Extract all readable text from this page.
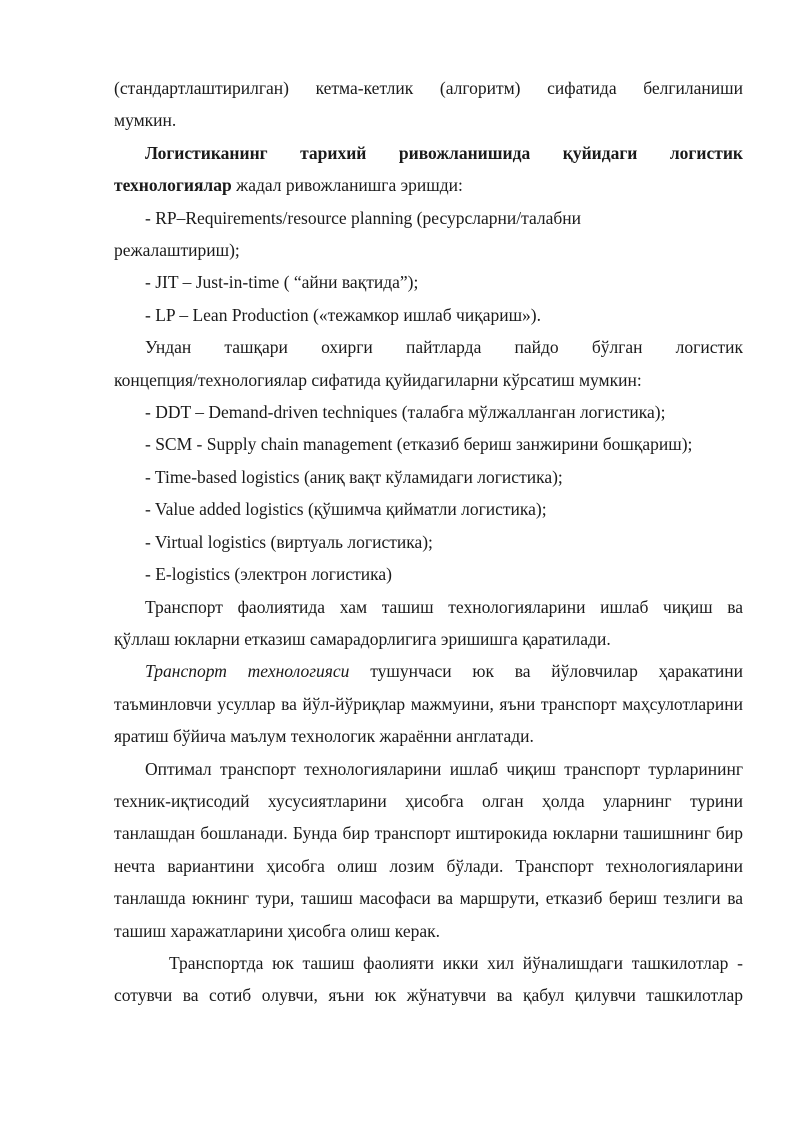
(стандартлаштирилган) кетма-кетлик (алгоритм) сифатида белгиланиши

мумкин.

Логистиканинг тарихий ривожланишида қуйидаги логистик

технологиялар жадал ривожланишга эришди:

- RP–Requirements/resource planning (ресурсларни/талабни

режалаштириш);

- JIT – Just-in-time ( “айни вақтида”);

- LP – Lean Production («тежамкор ишлаб чиқариш»).

Ундан ташқари охирги пайтларда пайдо бўлган логистик

концепция/технологиялар сифатида қуйидагиларни кўрсатиш мумкин:

- DDT – Demand-driven techniques (талабга мўлжалланган логистика);

- SCM - Supply chain management (етказиб бериш занжирини бошқариш);

- Time-based logistics (аниқ вақт кўламидаги логистика);

- Value added logistics (қўшимча қийматли логистика);

- Virtual logistics (виртуаль логистика);

- E-logistics (электрон логистика)

Транспорт фаолиятида хам ташиш технологияларини ишлаб чиқиш ва

қўллаш юкларни етказиш самарадорлигига эришишга қаратилади.

Транспорт технологияси тушунчаси юк ва йўловчилар ҳаракатини таъминловчи усуллар ва йўл-йўриқлар мажмуини, яъни транспорт маҳсулотларини яратиш бўйича маълум технологик жараённи англатади.

Оптимал транспорт технологияларини ишлаб чиқиш транспорт турларининг техник-иқтисодий хусусиятларини ҳисобга олган ҳолда уларнинг турини танлашдан бошланади. Бунда бир транспорт иштирокида юкларни ташишнинг бир нечта вариантини ҳисобга олиш лозим бўлади. Транспорт технологияларини танлашда юкнинг тури, ташиш масофаси ва маршрути, етказиб бериш тезлиги ва ташиш харажатларини ҳисобга олиш керак.

Транспортда юк ташиш фаолияти икки хил йўналишдаги ташкилотлар -

сотувчи ва сотиб олувчи, яъни юк жўнатувчи ва қабул қилувчи ташкилотлар
